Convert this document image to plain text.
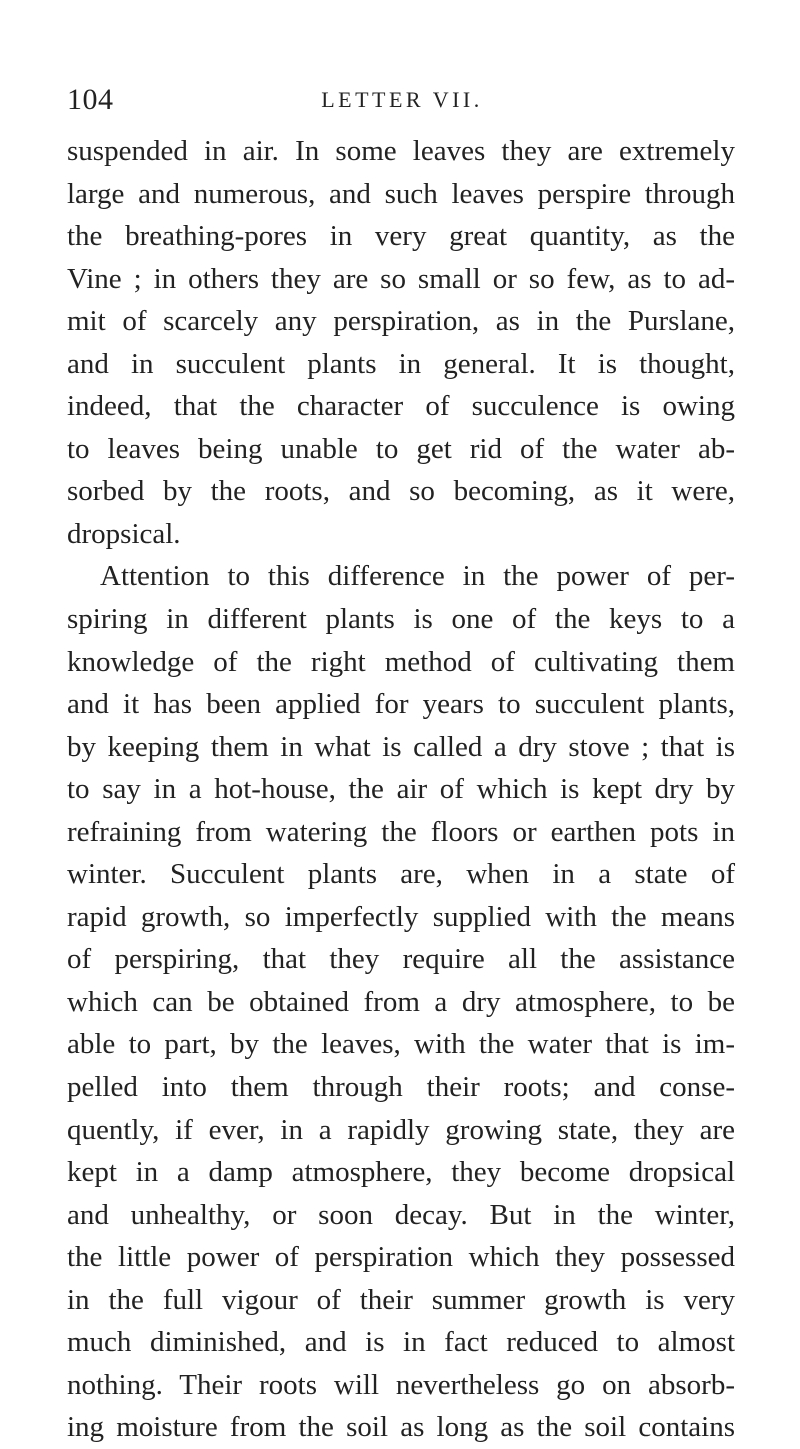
104	LETTER VII.
suspended in air. In some leaves they are extremely
large and numerous, and such leaves perspire through
the breathing-pores in very great quantity, as the
Vine ; in others they are so small or so few, as to ad-
mit of scarcely any perspiration, as in the Purslane,
and in succulent plants in general. It is thought,
indeed, that the character of succulence is owing
to leaves being unable to get rid of the water ab-
sorbed by the roots, and so becoming, as it were,
dropsical.
Attention to this difference in the power of per-
spiring in different plants is one of the keys to a
knowledge of the right method of cultivating them
and it has been applied for years to succulent plants,
by keeping them in what is called a dry stove ; that is
to say in a hot-house, the air of which is kept dry by
refraining from watering the floors or earthen pots in
winter. Succulent plants are, when in a state of
rapid growth, so imperfectly supplied with the means
of perspiring, that they require all the assistance
which can be obtained from a dry atmosphere, to be
able to part, by the leaves, with the water that is im-
pelled into them through their roots; and conse-
quently, if ever, in a rapidly growing state, they are
kept in a damp atmosphere, they become dropsical
and unhealthy, or soon decay. But in the winter,
the little power of perspiration which they possessed
in the full vigour of their summer growth is very
much diminished, and is in fact reduced to almost
nothing. Their roots will nevertheless go on absorb-
ing moisture from the soil as long as the soil contains
